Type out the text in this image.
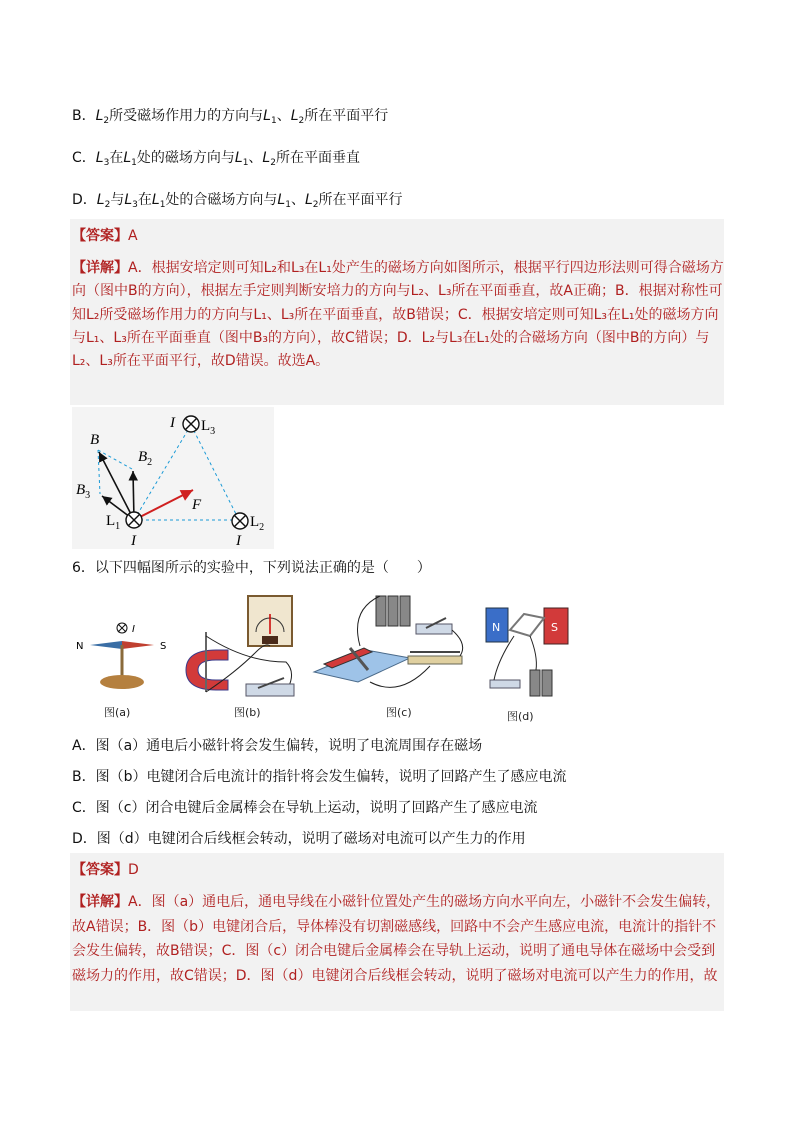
B．$L_2$所受磁场作用力的方向与$L_1$、$L_2$所在平面平行
C．$L_3$在$L_1$处的磁场方向与$L_1$、$L_2$所在平面垂直
D．$L_2$与$L_3$在$L_1$处的合磁场方向与$L_1$、$L_2$所在平面平行
【答案】A
【详解】A．根据安培定则可知L₂和L₃在L₁处产生的磁场方向如图所示，根据平行四边形法则可得合磁场方向（图中B的方向），根据左手定则判断安培力的方向与L₂、L₃所在平面垂直，故A正确；B．根据对称性可知L₂所受磁场作用力的方向与L₁、L₃所在平面垂直，故B错误；C．根据安培定则可知L₃在L₁处的磁场方向与L₁、L₃所在平面垂直（图中B₃的方向），故C错误；D．L₂与L₃在L₁处的合磁场方向（图中B的方向）与L₂、L₃所在平面平行，故D错误。故选A。
I $L_3$
B
$B_2$
$B_3$
F
$L_1$
I	I
$L_2$
6．以下四幅图所示的实验中，下列说法正确的是（　　）
I
N	S
图(a)	图(b)	图(c)
N	S
图(d)
A．图（a）通电后小磁针将会发生偏转，说明了电流周围存在磁场
B．图（b）电键闭合后电流计的指针将会发生偏转，说明了回路产生了感应电流
C．图（c）闭合电键后金属棒会在导轨上运动，说明了回路产生了感应电流
D．图（d）电键闭合后线框会转动，说明了磁场对电流可以产生力的作用
【答案】D
【详解】A．图（a）通电后，通电导线在小磁针位置处产生的磁场方向水平向左，小磁针不会发生偏转，故A错误；B．图（b）电键闭合后，导体棒没有切割磁感线，回路中不会产生感应电流，电流计的指针不会发生偏转，故B错误；C．图（c）闭合电键后金属棒会在导轨上运动，说明了通电导体在磁场中会受到磁场力的作用，故C错误；D．图（d）电键闭合后线框会转动，说明了磁场对电流可以产生力的作用，故
